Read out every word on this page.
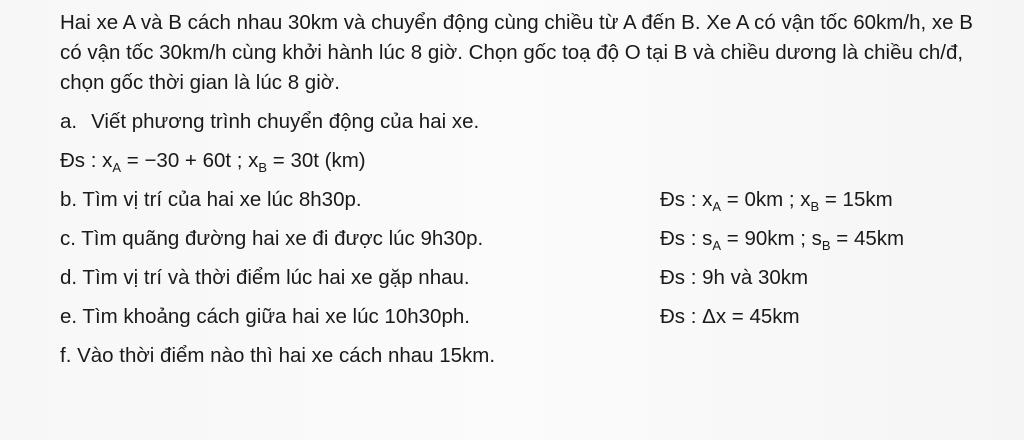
Hai xe A và B cách nhau 30km và chuyển động cùng chiều từ A đến B. Xe A có vận tốc 60km/h, xe B có vận tốc 30km/h cùng khởi hành lúc 8 giờ. Chọn gốc toạ độ O tại B và chiều dương là chiều ch/đ, chọn gốc thời gian là lúc 8 giờ.

a. Viết phương trình chuyển động của hai xe.
Đs : $x_A = -30 + 60t$ ; $x_B = 30t$ (km)
b. Tìm vị trí của hai xe lúc 8h30p.	Đs : $x_A = 0km$ ; $x_B = 15km$
c. Tìm quãng đường hai xe đi được lúc 9h30p.	Đs : $s_A = 90km$ ; $s_B = 45km$
d. Tìm vị trí và thời điểm lúc hai xe gặp nhau.	Đs : 9h và 30km
e. Tìm khoảng cách giữa hai xe lúc 10h30ph.	Đs : Δx = 45km
f. Vào thời điểm nào thì hai xe cách nhau 15km.
